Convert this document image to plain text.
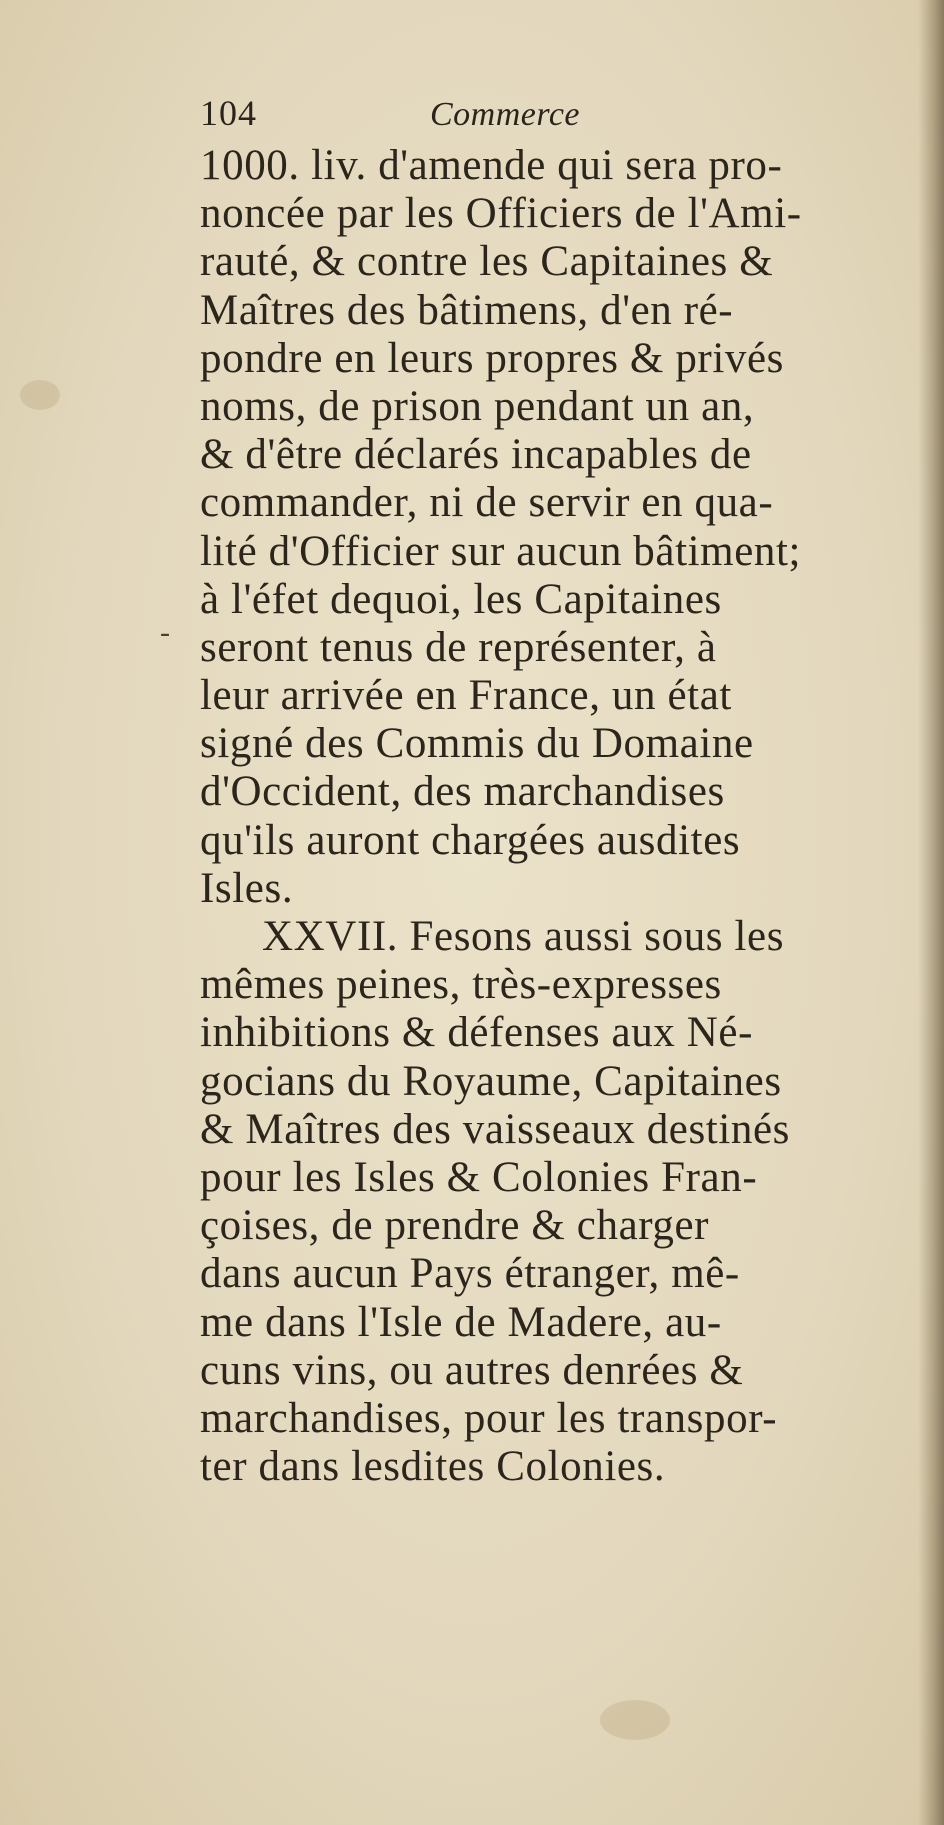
104	Commerce
-
1000. liv. d'amende qui sera pro-
noncée par les Officiers de l'Ami-
rauté, & contre les Capitaines &
Maîtres des bâtimens, d'en ré-
pondre en leurs propres & privés
noms, de prison pendant un an,
& d'être déclarés incapables de
commander, ni de servir en qua-
lité d'Officier sur aucun bâtiment;
à l'éfet dequoi, les Capitaines
seront tenus de représenter, à
leur arrivée en France, un état
signé des Commis du Domaine
d'Occident, des marchandises
qu'ils auront chargées ausdites
Isles.
XXVII. Fesons aussi sous les
mêmes peines, très-expresses
inhibitions & défenses aux Né-
gocians du Royaume, Capitaines
& Maîtres des vaisseaux destinés
pour les Isles & Colonies Fran-
çoises, de prendre & charger
dans aucun Pays étranger, mê-
me dans l'Isle de Madere, au-
cuns vins, ou autres denrées &
marchandises, pour les transpor-
ter dans lesdites Colonies.
